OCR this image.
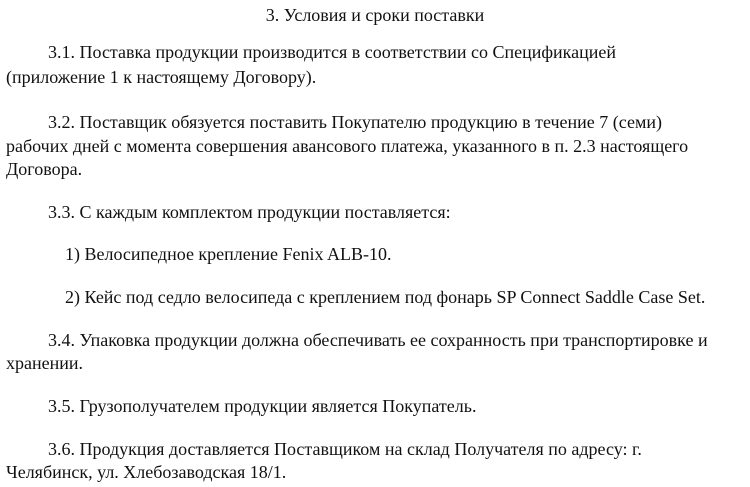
3. Условия и сроки поставки
3.1. Поставка продукции производится в соответствии со Спецификацией
(приложение 1 к настоящему Договору).
3.2. Поставщик обязуется поставить Покупателю продукцию в течение 7 (семи)
рабочих дней с момента совершения авансового платежа, указанного в п. 2.3 настоящего
Договора.
3.3. С каждым комплектом продукции поставляется:
1) Велосипедное крепление Fenix ALB-10.
2) Кейс под седло велосипеда с креплением под фонарь SP Connect Saddle Case Set.
3.4. Упаковка продукции должна обеспечивать ее сохранность при транспортировке и
хранении.
3.5. Грузополучателем продукции является Покупатель.
3.6. Продукция доставляется Поставщиком на склад Получателя по адресу: г.
Челябинск, ул. Хлебозаводская 18/1.
